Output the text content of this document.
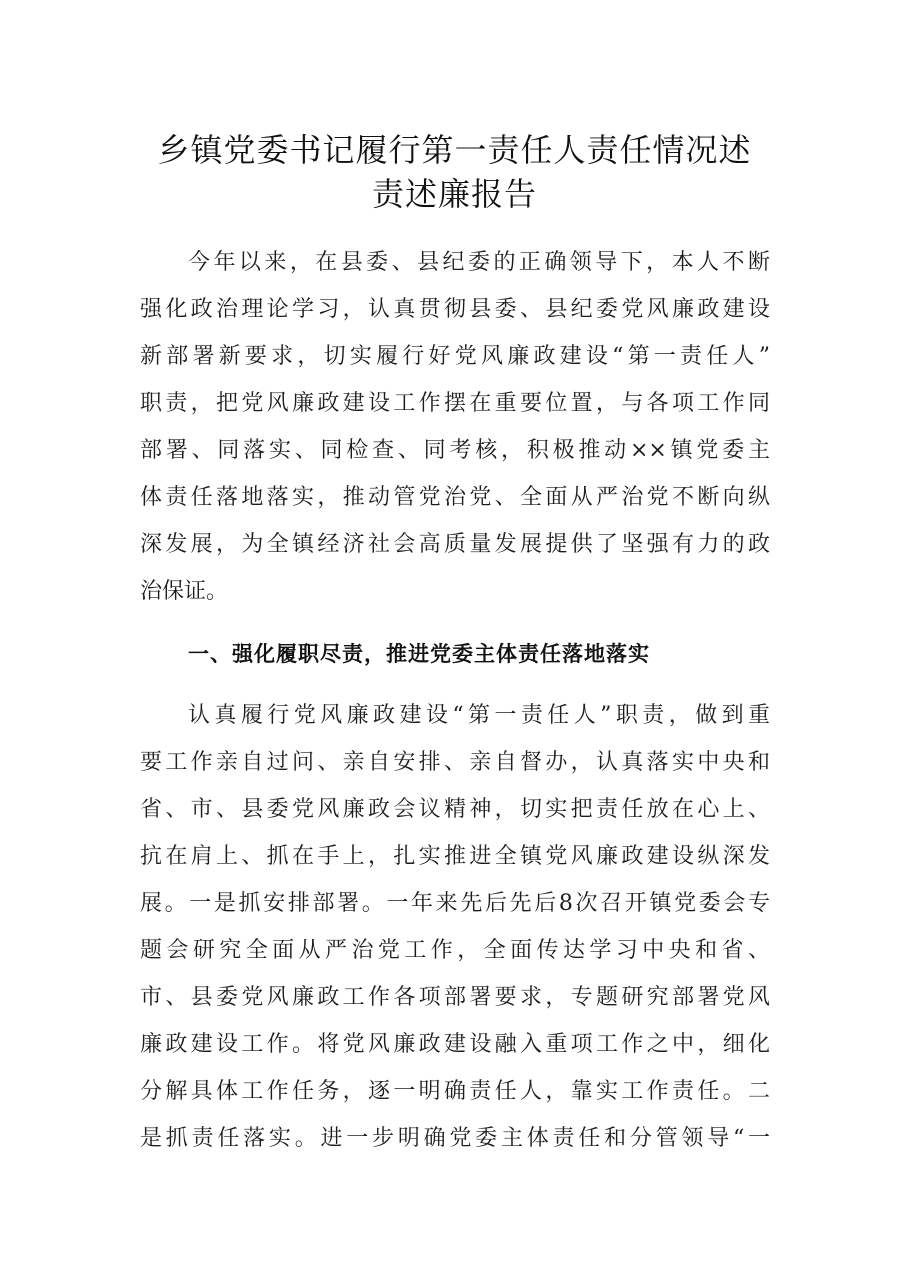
乡镇党委书记履行第一责任人责任情况述
责述廉报告
今年以来，在县委、县纪委的正确领导下，本人不断
强化政治理论学习，认真贯彻县委、县纪委党风廉政建设
新部署新要求，切实履行好党风廉政建设“第一责任人”
职责，把党风廉政建设工作摆在重要位置，与各项工作同
部署、同落实、同检查、同考核，积极推动××镇党委主
体责任落地落实，推动管党治党、全面从严治党不断向纵
深发展，为全镇经济社会高质量发展提供了坚强有力的政
治保证。
一、强化履职尽责，推进党委主体责任落地落实
认真履行党风廉政建设“第一责任人”职责，做到重
要工作亲自过问、亲自安排、亲自督办，认真落实中央和
省、市、县委党风廉政会议精神，切实把责任放在心上、
抗在肩上、抓在手上，扎实推进全镇党风廉政建设纵深发
展。一是抓安排部署。一年来先后先后8次召开镇党委会专
题会研究全面从严治党工作，全面传达学习中央和省、
市、县委党风廉政工作各项部署要求，专题研究部署党风
廉政建设工作。将党风廉政建设融入重项工作之中，细化
分解具体工作任务，逐一明确责任人，靠实工作责任。二
是抓责任落实。进一步明确党委主体责任和分管领导“一
